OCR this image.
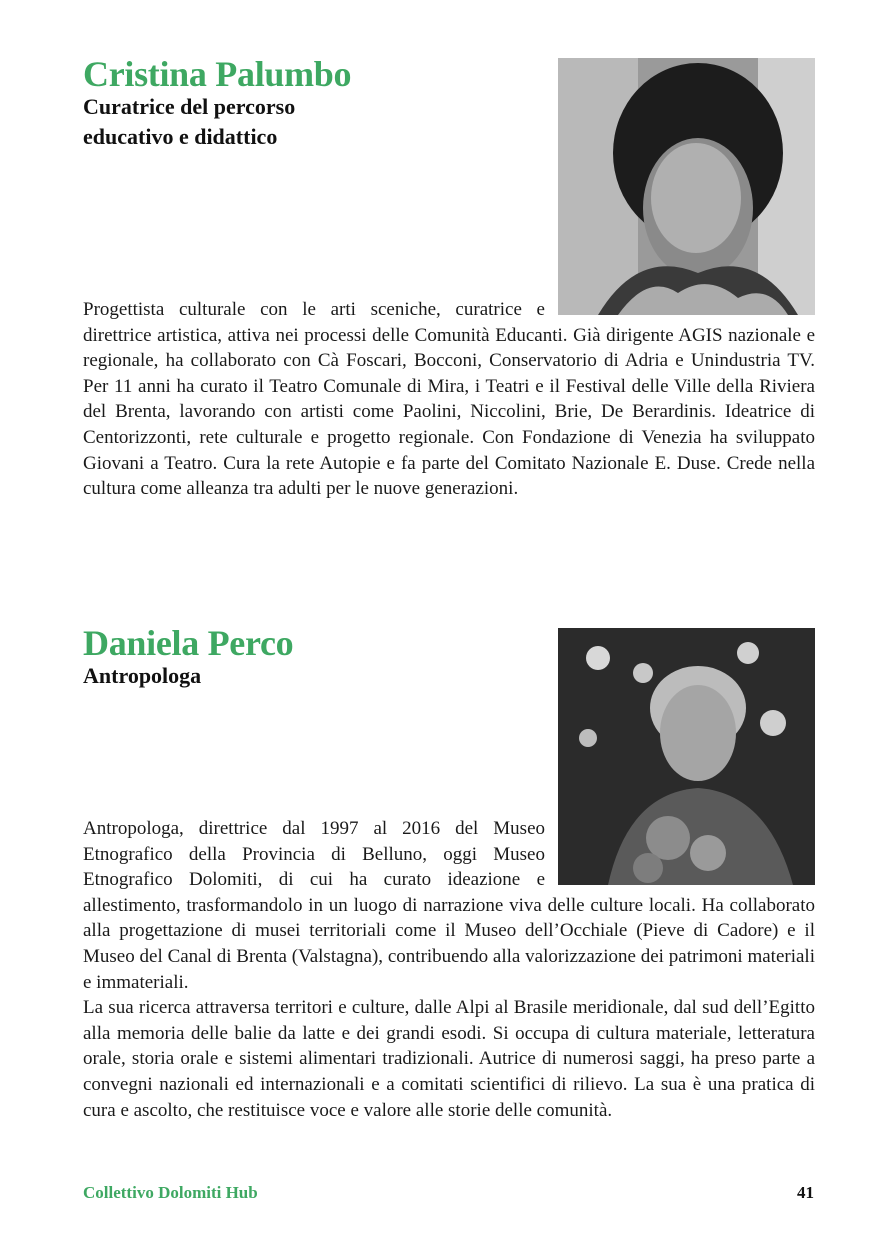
Cristina Palumbo
Curatrice del percorso
educativo e didattico

Progettista culturale con le arti sceniche, curatrice e direttrice artistica, attiva nei processi delle Comunità Educanti. Già dirigente AGIS nazionale e regionale, ha collaborato con Cà Foscari, Bocconi, Conservatorio di Adria e Unindustria TV. Per 11 anni ha curato il Teatro Comunale di Mira, i Teatri e il Festival delle Ville della Riviera del Brenta, lavorando con artisti come Paolini, Niccolini, Brie, De Berardinis. Ideatrice di Centorizzonti, rete culturale e progetto regionale. Con Fondazione di Venezia ha sviluppato Giovani a Teatro. Cura la rete Autopie e fa parte del Comitato Nazionale E. Duse. Crede nella cultura come alleanza tra adulti per le nuove generazioni.

Daniela Perco
Antropologa

Antropologa, direttrice dal 1997 al 2016 del Museo Etnografico della Provincia di Belluno, oggi Museo Etnografico Dolomiti, di cui ha curato ideazione e allestimento, trasformandolo in un luogo di narrazione viva delle culture locali. Ha collaborato alla progettazione di musei territoriali come il Museo dell’Occhiale (Pieve di Cadore) e il Museo del Canal di Brenta (Valstagna), contribuendo alla valorizzazione dei patrimoni materiali e immateriali.

La sua ricerca attraversa territori e culture, dalle Alpi al Brasile meridionale, dal sud dell’Egitto alla memoria delle balie da latte e dei grandi esodi. Si occupa di cultura materiale, letteratura orale, storia orale e sistemi alimentari tradizionali. Autrice di numerosi saggi, ha preso parte a convegni nazionali ed internazionali e a comitati scientifici di rilievo. La sua è una pratica di cura e ascolto, che restituisce voce e valore alle storie delle comunità.

Collettivo Dolomiti Hub	41
